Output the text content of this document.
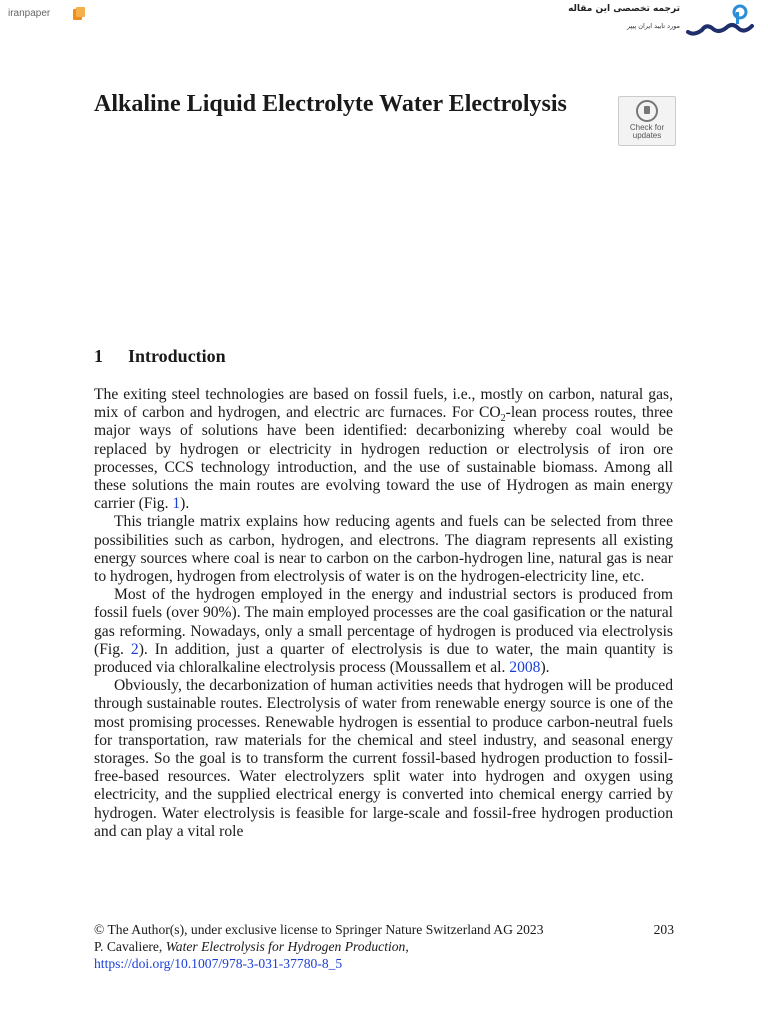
iranpaper	ترجمه تخصصی این مقاله
مورد تایید ایران پیپر
Alkaline Liquid Electrolyte Water Electrolysis
Check for
updates
1 Introduction

The exiting steel technologies are based on fossil fuels, i.e., mostly on carbon, natural gas, mix of carbon and hydrogen, and electric arc furnaces. For $CO_2$-lean process routes, three major ways of solutions have been identified: decarbonizing whereby coal would be replaced by hydrogen or electricity in hydrogen reduction or electrolysis of iron ore processes, CCS technology introduction, and the use of sustainable biomass. Among all these solutions the main routes are evolving toward the use of Hydrogen as main energy carrier (Fig. 1).

This triangle matrix explains how reducing agents and fuels can be selected from three possibilities such as carbon, hydrogen, and electrons. The diagram represents all existing energy sources where coal is near to carbon on the carbon-hydrogen line, natural gas is near to hydrogen, hydrogen from electrolysis of water is on the hydrogen-electricity line, etc.

Most of the hydrogen employed in the energy and industrial sectors is produced from fossil fuels (over 90%). The main employed processes are the coal gasification or the natural gas reforming. Nowadays, only a small percentage of hydrogen is produced via electrolysis (Fig. 2). In addition, just a quarter of electrolysis is due to water, the main quantity is produced via chloralkaline electrolysis process (Moussallem et al. 2008).

Obviously, the decarbonization of human activities needs that hydrogen will be produced through sustainable routes. Electrolysis of water from renewable energy source is one of the most promising processes. Renewable hydrogen is essential to produce carbon-neutral fuels for transportation, raw materials for the chemical and steel industry, and seasonal energy storages. So the goal is to transform the current fossil-based hydrogen production to fossil-free-based resources. Water electrolyzers split water into hydrogen and oxygen using electricity, and the supplied electrical energy is converted into chemical energy carried by hydrogen. Water electrolysis is feasible for large-scale and fossil-free hydrogen production and can play a vital role

© The Author(s), under exclusive license to Springer Nature Switzerland AG 2023	203
P. Cavaliere, Water Electrolysis for Hydrogen Production,
https://doi.org/10.1007/978-3-031-37780-8_5
